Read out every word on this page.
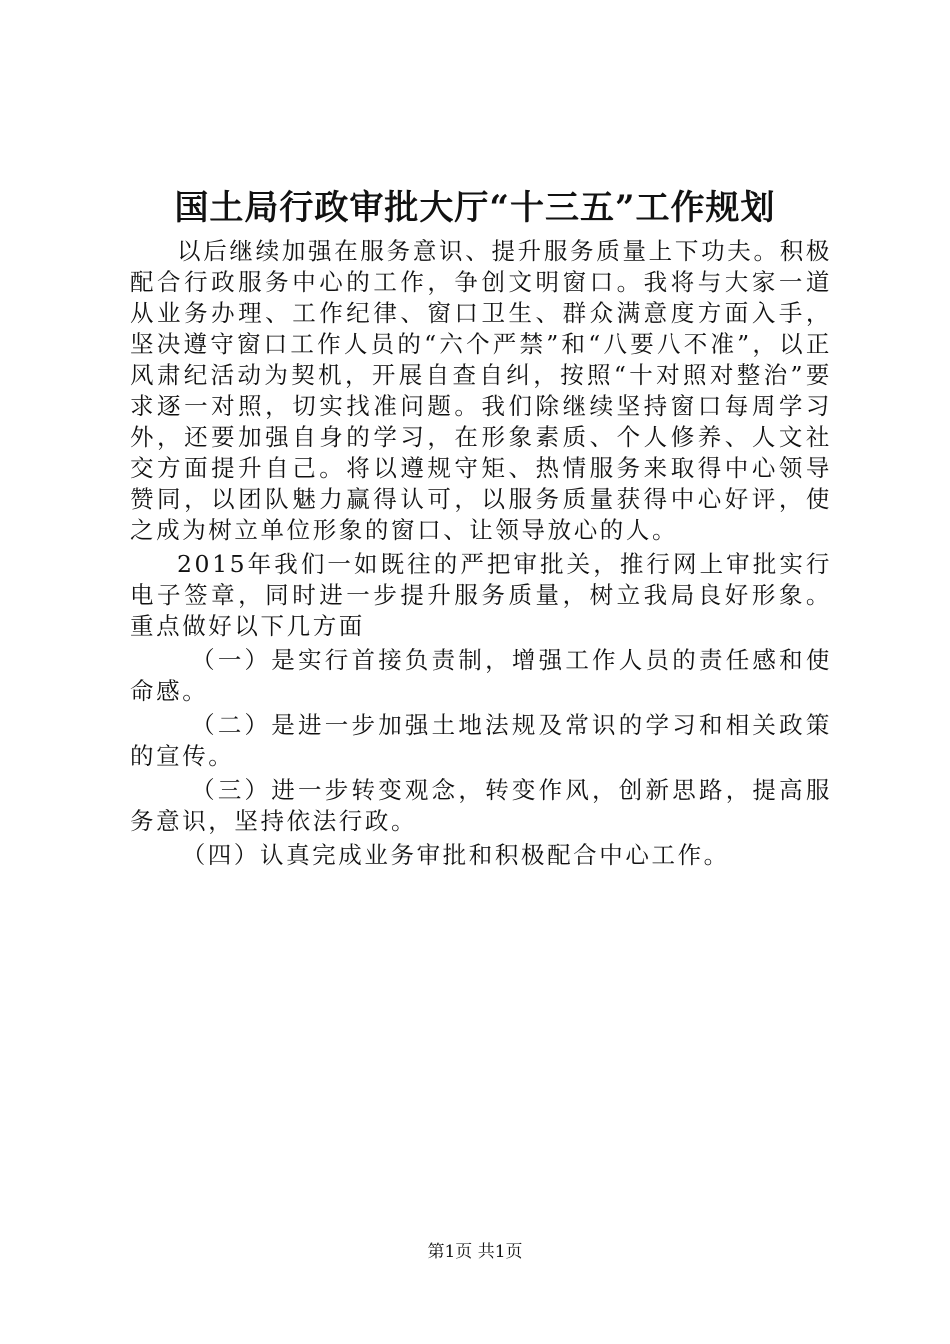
国土局行政审批大厅“十三五”工作规划

以后继续加强在服务意识、提升服务质量上下功夫。积极配合行政服务中心的工作，争创文明窗口。我将与大家一道从业务办理、工作纪律、窗口卫生、群众满意度方面入手，坚决遵守窗口工作人员的“六个严禁”和“八要八不准”，以正风肃纪活动为契机，开展自查自纠，按照“十对照对整治”要求逐一对照，切实找准问题。我们除继续坚持窗口每周学习外，还要加强自身的学习，在形象素质、个人修养、人文社交方面提升自己。将以遵规守矩、热情服务来取得中心领导赞同，以团队魅力赢得认可，以服务质量获得中心好评，使之成为树立单位形象的窗口、让领导放心的人。

2015年我们一如既往的严把审批关，推行网上审批实行电子签章，同时进一步提升服务质量，树立我局良好形象。重点做好以下几方面

（一）是实行首接负责制，增强工作人员的责任感和使命感。

（二）是进一步加强土地法规及常识的学习和相关政策的宣传。

（三）进一步转变观念，转变作风，创新思路，提高服务意识，坚持依法行政。

（四）认真完成业务审批和积极配合中心工作。

第1页 共1页
